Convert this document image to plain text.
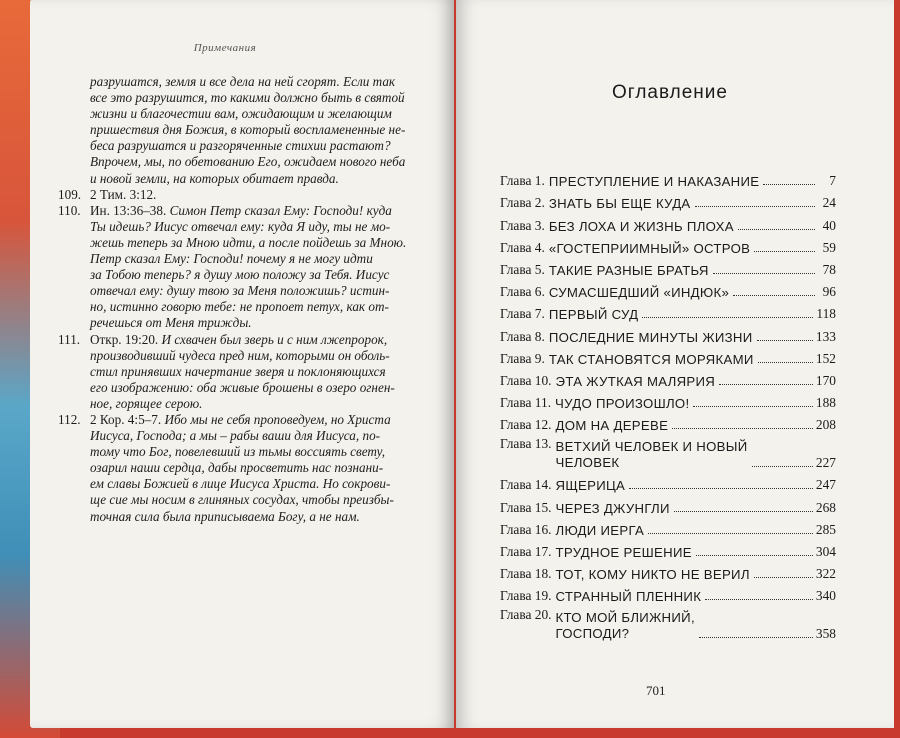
Примечания
разрушатся, земля и все дела на ней сгорят. Если так
все это разрушится, то какими должно быть в святой
жизни и благочестии вам, ожидающим и желающим
пришествия дня Божия, в который воспламененные не-
беса разрушатся и разгоряченные стихии растают?
Впрочем, мы, по обетованию Его, ожидаем нового неба
и новой земли, на которых обитает правда.
109. 2 Тим. 3:12.
110. Ин. 13:36–38. Симон Петр сказал Ему: Господи! куда
Ты идешь? Иисус отвечал ему: куда Я иду, ты не мо-
жешь теперь за Мною идти, а после пойдешь за Мною.
Петр сказал Ему: Господи! почему я не могу идти
за Тобою теперь? я душу мою положу за Тебя. Иисус
отвечал ему: душу твою за Меня положишь? истин-
но, истинно говорю тебе: не пропоет петух, как от-
речешься от Меня трижды.
111. Откр. 19:20. И схвачен был зверь и с ним лжепророк,
производивший чудеса пред ним, которыми он оболь-
стил принявших начертание зверя и поклоняющихся
его изображению: оба живые брошены в озеро огнен-
ное, горящее серою.
112. 2 Кор. 4:5–7. Ибо мы не себя проповедуем, но Христа
Иисуса, Господа; а мы – рабы ваши для Иисуса, по-
тому что Бог, повелевший из тьмы воссиять свету,
озарил наши сердца, дабы просветить нас познани-
ем славы Божией в лице Иисуса Христа. Но сокрови-
ще сие мы носим в глиняных сосудах, чтобы преизбы-
точная сила была приписываема Богу, а не нам.
Оглавление
Глава 1. ПРЕСТУПЛЕНИЕ И НАКАЗАНИЕ	7
Глава 2. ЗНАТЬ БЫ ЕЩЕ КУДА	24
Глава 3. БЕЗ ЛОХА И ЖИЗНЬ ПЛОХА	40
Глава 4. «ГОСТЕПРИИМНЫЙ» ОСТРОВ	59
Глава 5. ТАКИЕ РАЗНЫЕ БРАТЬЯ	78
Глава 6. СУМАСШЕДШИЙ «ИНДЮК»	96
Глава 7. ПЕРВЫЙ СУД	118
Глава 8. ПОСЛЕДНИЕ МИНУТЫ ЖИЗНИ	133
Глава 9. ТАК СТАНОВЯТСЯ МОРЯКАМИ	152
Глава 10. ЭТА ЖУТКАЯ МАЛЯРИЯ	170
Глава 11. ЧУДО ПРОИЗОШЛО!	188
Глава 12. ДОМ НА ДЕРЕВЕ	208
Глава 13. ВЕТХИЙ ЧЕЛОВЕК И НОВЫЙ
ЧЕЛОВЕК	227
Глава 14. ЯЩЕРИЦА	247
Глава 15. ЧЕРЕЗ ДЖУНГЛИ	268
Глава 16. ЛЮДИ ИЕРГА	285
Глава 17. ТРУДНОЕ РЕШЕНИЕ	304
Глава 18. ТОТ, КОМУ НИКТО НЕ ВЕРИЛ	322
Глава 19. СТРАННЫЙ ПЛЕННИК	340
Глава 20. КТО МОЙ БЛИЖНИЙ,
ГОСПОДИ?	358
701
